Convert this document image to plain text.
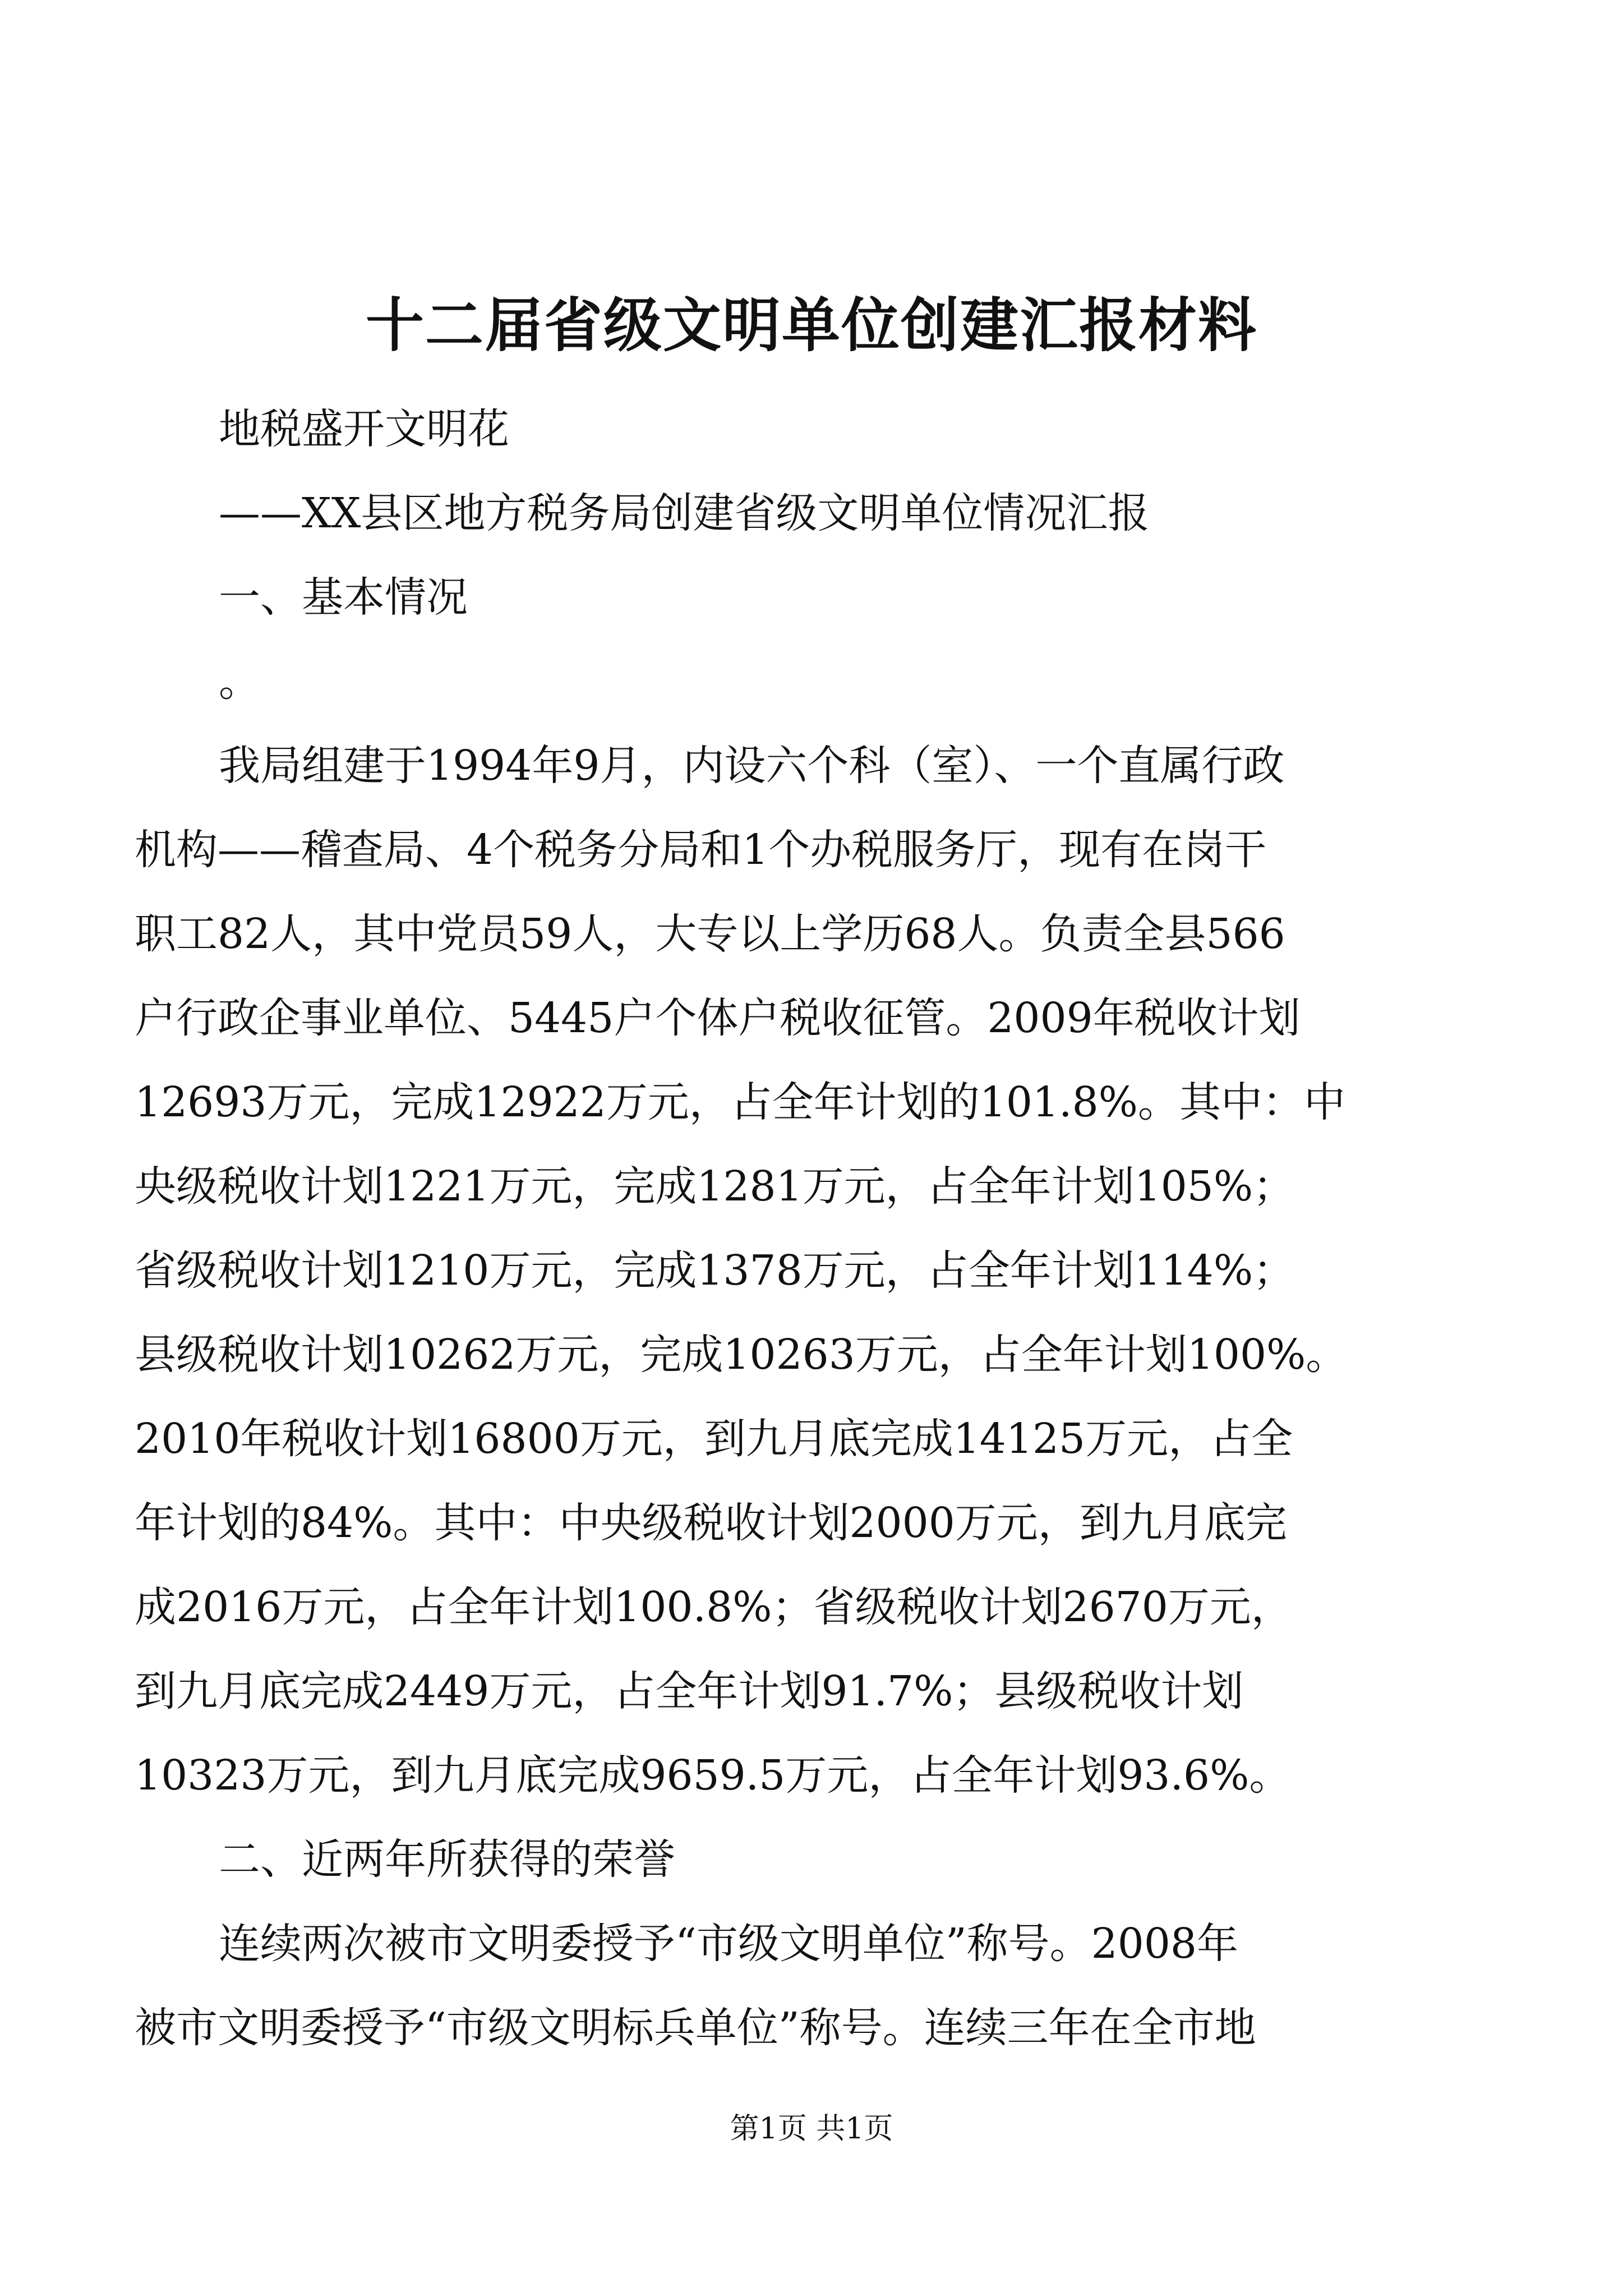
十二届省级文明单位创建汇报材料

地税盛开文明花

——XX县区地方税务局创建省级文明单位情况汇报

一、基本情况

。

我局组建于1994年9月，内设六个科（室）、一个直属行政

机构——稽查局、4个税务分局和1个办税服务厅，现有在岗干

职工82人，其中党员59人，大专以上学历68人。负责全县566

户行政企事业单位、5445户个体户税收征管。2009年税收计划

12693万元，完成12922万元，占全年计划的101.8%。其中：中

央级税收计划1221万元，完成1281万元，占全年计划105%；

省级税收计划1210万元，完成1378万元，占全年计划114%；

县级税收计划10262万元，完成10263万元，占全年计划100%。

2010年税收计划16800万元，到九月底完成14125万元，占全

年计划的84%。其中：中央级税收计划2000万元，到九月底完

成2016万元，占全年计划100.8%；省级税收计划2670万元，

到九月底完成2449万元，占全年计划91.7%；县级税收计划

10323万元，到九月底完成9659.5万元，占全年计划93.6%。

二、近两年所获得的荣誉

连续两次被市文明委授予“市级文明单位”称号。2008年

被市文明委授予“市级文明标兵单位”称号。连续三年在全市地

第1页 共1页
